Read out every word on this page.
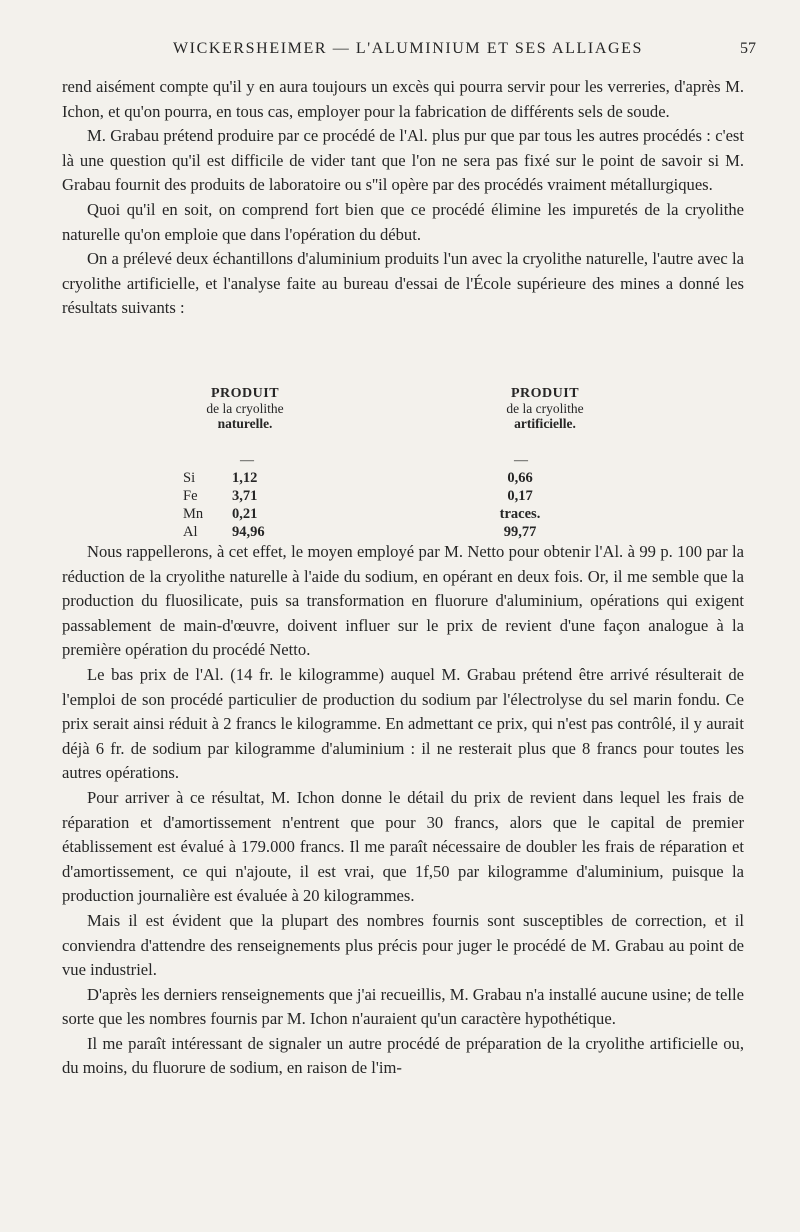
WICKERSHEIMER — L'ALUMINIUM ET SES ALLIAGES	57

rend aisément compte qu'il y en aura toujours un excès qui pourra servir pour les verreries, d'après M. Ichon, et qu'on pourra, en tous cas, employer pour la fabrication de différents sels de soude.

M. Grabau prétend produire par ce procédé de l'Al. plus pur que par tous les autres procédés : c'est là une question qu'il est difficile de vider tant que l'on ne sera pas fixé sur le point de savoir si M. Grabau fournit des produits de laboratoire ou s''il opère par des procédés vraiment métallurgiques.

Quoi qu'il en soit, on comprend fort bien que ce procédé élimine les impuretés de la cryolithe naturelle qu'on emploie que dans l'opération du début.

On a prélevé deux échantillons d'aluminium produits l'un avec la cryolithe naturelle, l'autre avec la cryolithe artificielle, et l'analyse faite au bureau d'essai de l'École supérieure des mines a donné les résultats suivants :

PRODUIT
de la cryolithe
naturelle.
PRODUIT
de la cryolithe
artificielle.
—	—
Si	1,12	0,66
Fe 3,71	0,17
Mn 0,21	traces.
Al 94,96	99,77

Nous rappellerons, à cet effet, le moyen employé par M. Netto pour obtenir l'Al. à 99 p. 100 par la réduction de la cryolithe naturelle à l'aide du sodium, en opérant en deux fois. Or, il me semble que la production du fluosilicate, puis sa transformation en fluorure d'aluminium, opérations qui exigent passablement de main-d'œuvre, doivent influer sur le prix de revient d'une façon analogue à la première opération du procédé Netto.

Le bas prix de l'Al. (14 fr. le kilogramme) auquel M. Grabau prétend être arrivé résulterait de l'emploi de son procédé particulier de production du sodium par l'électrolyse du sel marin fondu. Ce prix serait ainsi réduit à 2 francs le kilogramme. En admettant ce prix, qui n'est pas contrôlé, il y aurait déjà 6 fr. de sodium par kilogramme d'aluminium : il ne resterait plus que 8 francs pour toutes les autres opérations.

Pour arriver à ce résultat, M. Ichon donne le détail du prix de revient dans lequel les frais de réparation et d'amortissement n'entrent que pour 30 francs, alors que le capital de premier établissement est évalué à 179.000 francs. Il me paraît nécessaire de doubler les frais de réparation et d'amortissement, ce qui n'ajoute, il est vrai, que 1f,50 par kilogramme d'aluminium, puisque la production journalière est évaluée à 20 kilogrammes.

Mais il est évident que la plupart des nombres fournis sont susceptibles de correction, et il conviendra d'attendre des renseignements plus précis pour juger le procédé de M. Grabau au point de vue industriel.

D'après les derniers renseignements que j'ai recueillis, M. Grabau n'a installé aucune usine; de telle sorte que les nombres fournis par M. Ichon n'auraient qu'un caractère hypothétique.

Il me paraît intéressant de signaler un autre procédé de préparation de la cryolithe artificielle ou, du moins, du fluorure de sodium, en raison de l'im-
